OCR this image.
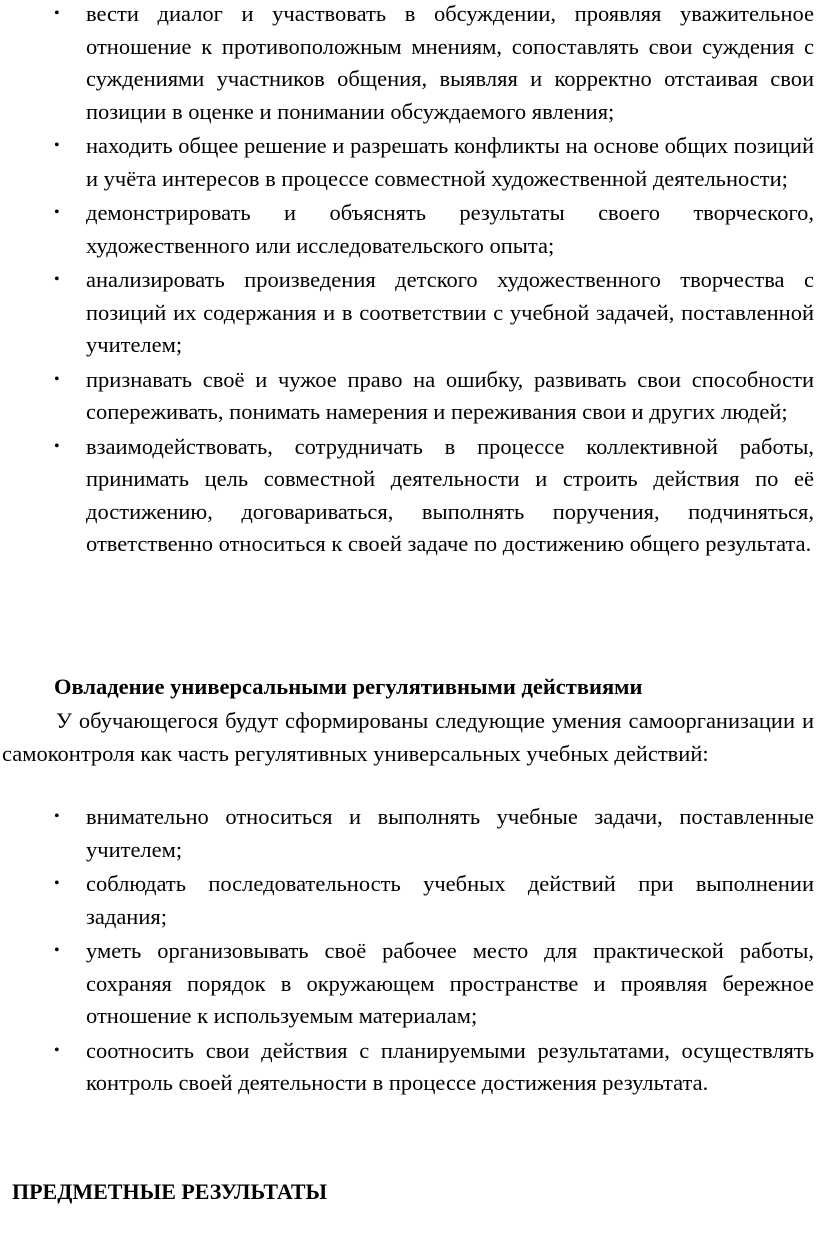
• вести диалог и участвовать в обсуждении, проявляя уважительное отношение к противоположным мнениям, сопоставлять свои суждения с суждениями участников общения, выявляя и корректно отстаивая свои позиции в оценке и понимании обсуждаемого явления;
• находить общее решение и разрешать конфликты на основе общих позиций и учёта интересов в процессе совместной художественной деятельности;
• демонстрировать и объяснять результаты своего творческого, художественного или исследовательского опыта;
• анализировать произведения детского художественного творчества с позиций их содержания и в соответствии с учебной задачей, поставленной учителем;
• признавать своё и чужое право на ошибку, развивать свои способности сопереживать, понимать намерения и переживания свои и других людей;
• взаимодействовать, сотрудничать в процессе коллективной работы, принимать цель совместной деятельности и строить действия по её достижению, договариваться, выполнять поручения, подчиняться, ответственно относиться к своей задаче по достижению общего результата.

Овладение универсальными регулятивными действиями

У обучающегося будут сформированы следующие умения самоорганизации и самоконтроля как часть регулятивных универсальных учебных действий:

• внимательно относиться и выполнять учебные задачи, поставленные учителем;
• соблюдать последовательность учебных действий при выполнении задания;
• уметь организовывать своё рабочее место для практической работы, сохраняя порядок в окружающем пространстве и проявляя бережное отношение к используемым материалам;
• соотносить свои действия с планируемыми результатами, осуществлять контроль своей деятельности в процессе достижения результата.

ПРЕДМЕТНЫЕ РЕЗУЛЬТАТЫ
